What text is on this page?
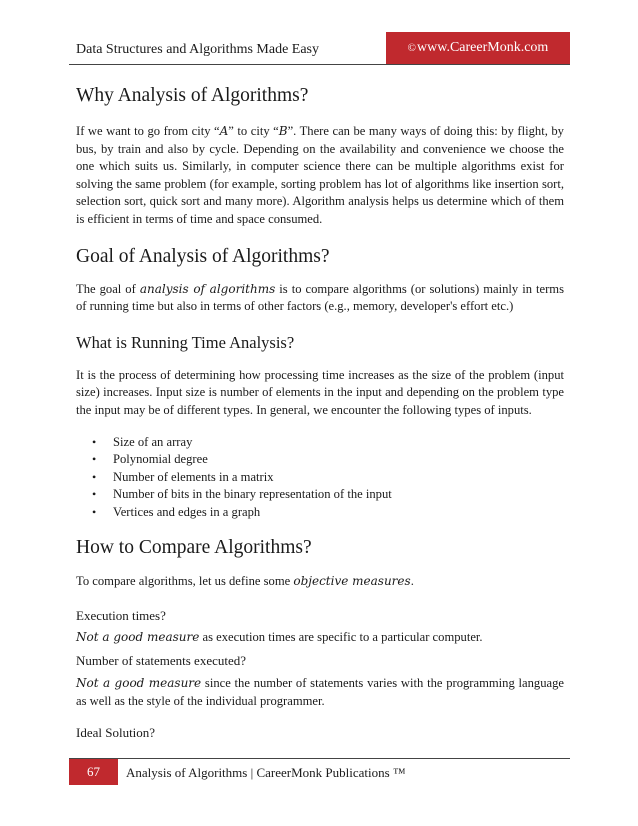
Data Structures and Algorithms Made Easy	© www.CareerMonk.com
Why Analysis of Algorithms?

If we want to go from city “A” to city “B”. There can be many ways of doing this: by flight, by bus, by train and also by cycle. Depending on the availability and convenience we choose the one which suits us. Similarly, in computer science there can be multiple algorithms exist for solving the same problem (for example, sorting problem has lot of algorithms like insertion sort, selection sort, quick sort and many more). Algorithm analysis helps us determine which of them is efficient in terms of time and space consumed.

Goal of Analysis of Algorithms?

The goal of analysis of algorithms is to compare algorithms (or solutions) mainly in terms of running time but also in terms of other factors (e.g., memory, developer's effort etc.)

What is Running Time Analysis?

It is the process of determining how processing time increases as the size of the problem (input size) increases. Input size is number of elements in the input and depending on the problem type the input may be of different types. In general, we encounter the following types of inputs.

• Size of an array
• Polynomial degree
• Number of elements in a matrix
• Number of bits in the binary representation of the input
• Vertices and edges in a graph
How to Compare Algorithms?

To compare algorithms, let us define some objective measures.

Execution times?

Not a good measure as execution times are specific to a particular computer.

Number of statements executed?

Not a good measure since the number of statements varies with the programming language as well as the style of the individual programmer.

Ideal Solution?
67	Analysis of Algorithms | CareerMonk Publications ™
